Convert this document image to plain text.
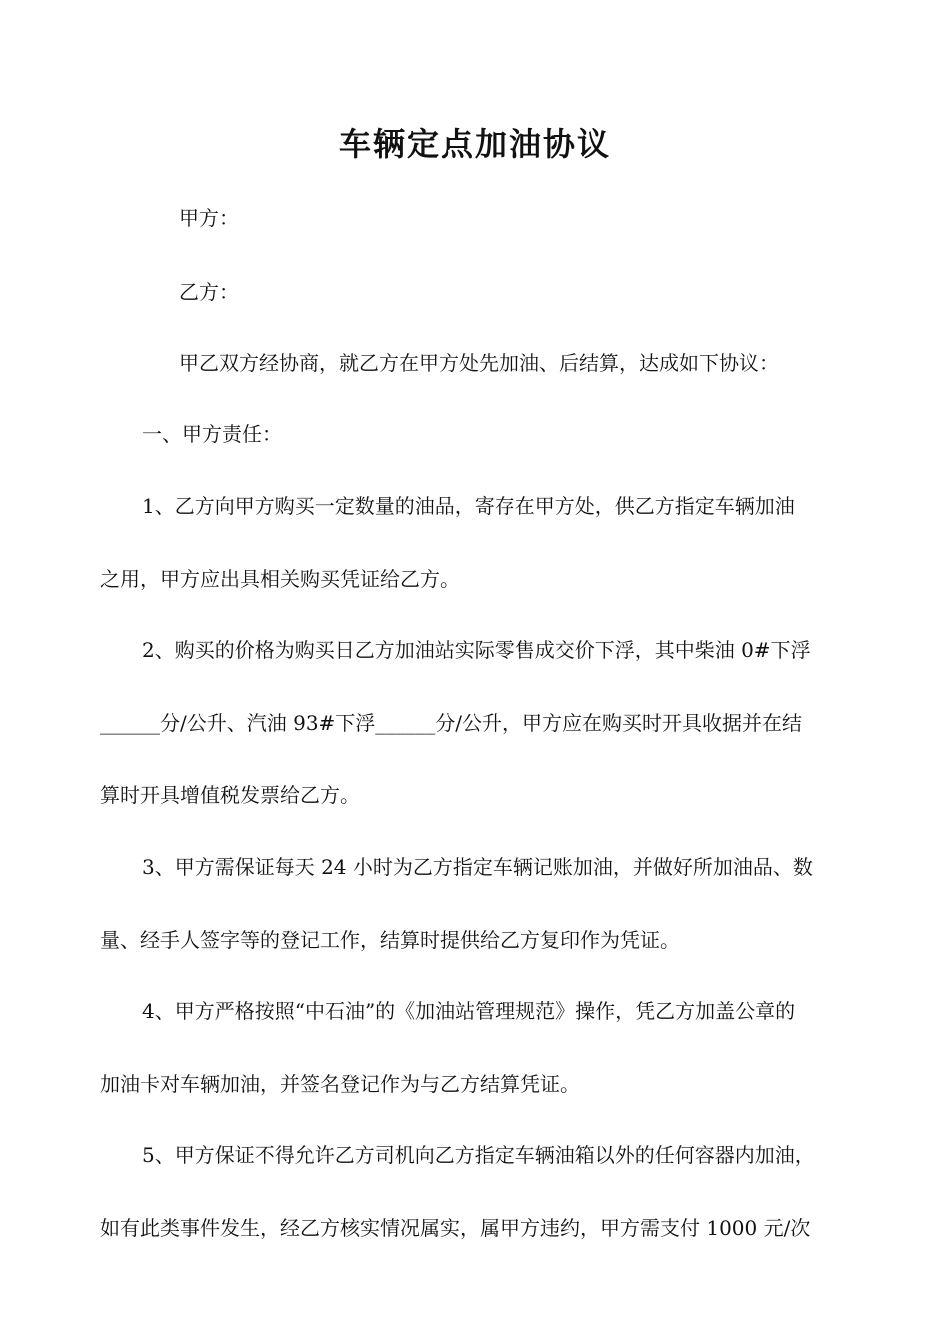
车辆定点加油协议
甲方：
乙方：
甲乙双方经协商，就乙方在甲方处先加油、后结算，达成如下协议：
一、甲方责任：
1、乙方向甲方购买一定数量的油品，寄存在甲方处，供乙方指定车辆加油
之用，甲方应出具相关购买凭证给乙方。
2、购买的价格为购买日乙方加油站实际零售成交价下浮，其中柴油 0#下浮
______分/公升、汽油 93#下浮______分/公升，甲方应在购买时开具收据并在结
算时开具增值税发票给乙方。
3、甲方需保证每天 24 小时为乙方指定车辆记账加油，并做好所加油品、数
量、经手人签字等的登记工作，结算时提供给乙方复印作为凭证。
4、甲方严格按照“中石油”的《加油站管理规范》操作，凭乙方加盖公章的
加油卡对车辆加油，并签名登记作为与乙方结算凭证。
5、甲方保证不得允许乙方司机向乙方指定车辆油箱以外的任何容器内加油，
如有此类事件发生，经乙方核实情况属实，属甲方违约，甲方需支付 1000 元/次
